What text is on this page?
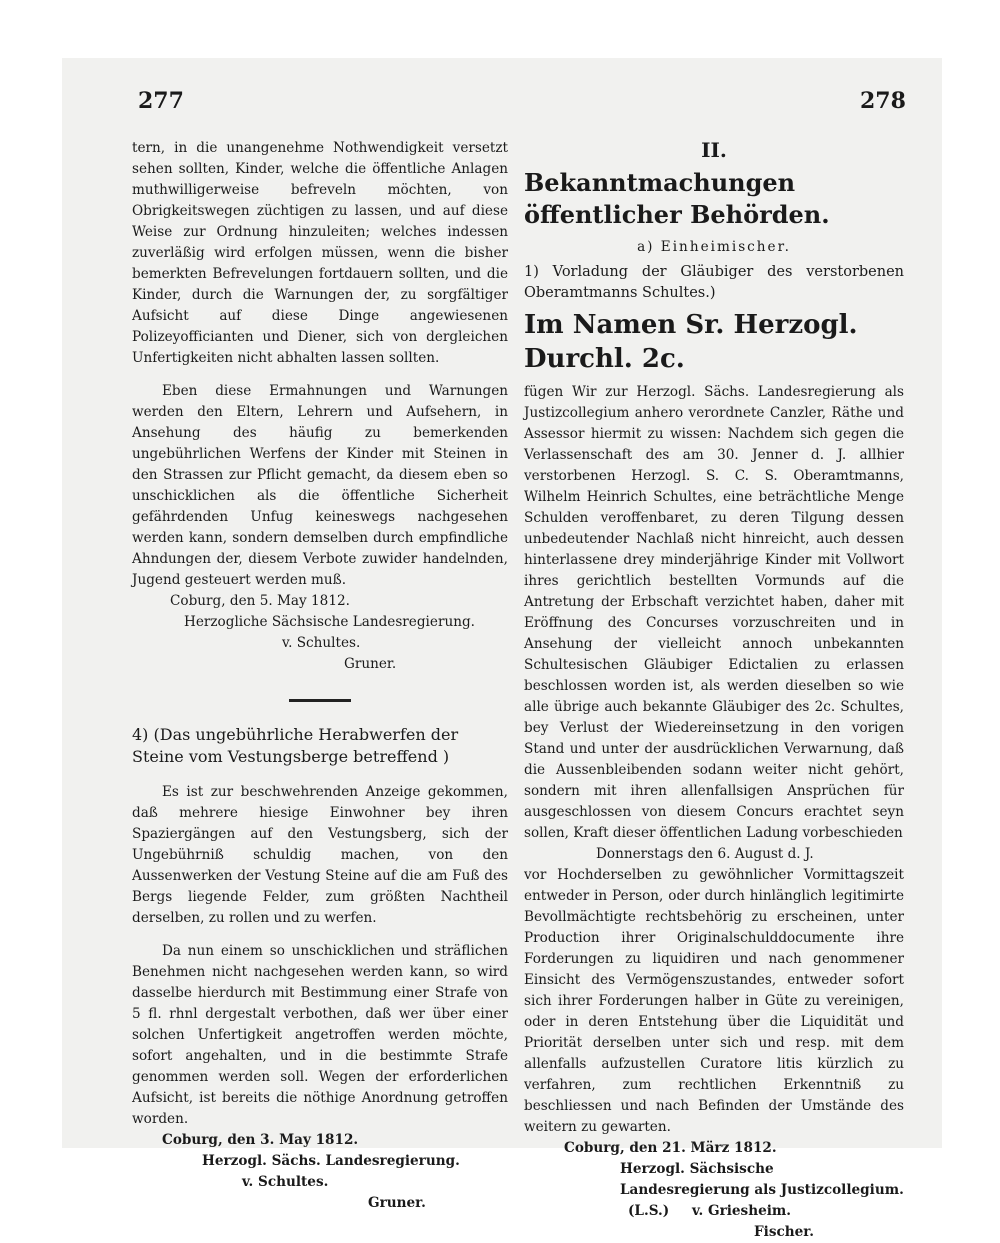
277	278

tern, in die unangenehme Nothwendigkeit versetzt sehen sollten, Kinder, welche die öffentliche Anlagen muthwilligerweise befreveln möchten, von Obrigkeitswegen züchtigen zu lassen, und auf diese Weise zur Ordnung hinzuleiten; welches indessen zuverläßig wird erfolgen müssen, wenn die bisher bemerkten Befrevelungen fortdauern sollten, und die Kinder, durch die Warnungen der, zu sorgfältiger Aufsicht auf diese Dinge angewiesenen Polizeyofficianten und Diener, sich von dergleichen Unfertigkeiten nicht abhalten lassen sollten.

Eben diese Ermahnungen und Warnungen werden den Eltern, Lehrern und Aufsehern, in Ansehung des häufig zu bemerkenden ungebührlichen Werfens der Kinder mit Steinen in den Strassen zur Pflicht gemacht, da diesem eben so unschicklichen als die öffentliche Sicherheit gefährdenden Unfug keineswegs nachgesehen werden kann, sondern demselben durch empfindliche Ahndungen der, diesem Verbote zuwider handelnden, Jugend gesteuert werden muß.

Coburg, den 5. May 1812.

Herzogliche Sächsische Landesregierung.

v. Schultes.

Gruner.

4) (Das ungebührliche Herabwerfen der Steine vom Vestungsberge betreffend )

Es ist zur beschwehrenden Anzeige gekommen, daß mehrere hiesige Einwohner bey ihren Spaziergängen auf den Vestungsberg, sich der Ungebührniß schuldig machen, von den Aussenwerken der Vestung Steine auf die am Fuß des Bergs liegende Felder, zum größten Nachtheil derselben, zu rollen und zu werfen.

Da nun einem so unschicklichen und sträflichen Benehmen nicht nachgesehen werden kann, so wird dasselbe hierdurch mit Bestimmung einer Strafe von 5 fl. rhnl dergestalt verbothen, daß wer über einer solchen Unfertigkeit angetroffen werden möchte, sofort angehalten, und in die bestimmte Strafe genommen werden soll. Wegen der erforderlichen Aufsicht, ist bereits die nöthige Anordnung getroffen worden.

Coburg, den 3. May 1812.

Herzogl. Sächs. Landesregierung.

v. Schultes.

Gruner.

II.

Bekanntmachungen öffentlicher Behörden.

a) Einheimischer.

1) Vorladung der Gläubiger des verstorbenen Oberamtmanns Schultes.)

Im Namen Sr. Herzogl. Durchl. 2c.

fügen Wir zur Herzogl. Sächs. Landesregierung als Justizcollegium anhero verordnete Canzler, Räthe und Assessor hiermit zu wissen: Nachdem sich gegen die Verlassenschaft des am 30. Jenner d. J. allhier verstorbenen Herzogl. S. C. S. Oberamtmanns, Wilhelm Heinrich Schultes, eine beträchtliche Menge Schulden veroffenbaret, zu deren Tilgung dessen unbedeutender Nachlaß nicht hinreicht, auch dessen hinterlassene drey minderjährige Kinder mit Vollwort ihres gerichtlich bestellten Vormunds auf die Antretung der Erbschaft verzichtet haben, daher mit Eröffnung des Concurses vorzuschreiten und in Ansehung der vielleicht annoch unbekannten Schultesischen Gläubiger Edictalien zu erlassen beschlossen worden ist, als werden dieselben so wie alle übrige auch bekannte Gläubiger des 2c. Schultes, bey Verlust der Wiedereinsetzung in den vorigen Stand und unter der ausdrücklichen Verwarnung, daß die Aussenbleibenden sodann weiter nicht gehört, sondern mit ihren allenfallsigen Ansprüchen für ausgeschlossen von diesem Concurs erachtet seyn sollen, Kraft dieser öffentlichen Ladung vorbeschieden

Donnerstags den 6. August d. J.

vor Hochderselben zu gewöhnlicher Vormittagszeit entweder in Person, oder durch hinlänglich legitimirte Bevollmächtigte rechtsbehörig zu erscheinen, unter Production ihrer Originalschulddocumente ihre Forderungen zu liquidiren und nach genommener Einsicht des Vermögenszustandes, entweder sofort sich ihrer Forderungen halber in Güte zu vereinigen, oder in deren Entstehung über die Liquidität und Priorität derselben unter sich und resp. mit dem allenfalls aufzustellen Curatore litis kürzlich zu verfahren, zum rechtlichen Erkenntniß zu beschliessen und nach Befinden der Umstände des weitern zu gewarten.

Coburg, den 21. März 1812.

Herzogl. Sächsische Landesregierung als Justizcollegium.

(L.S.) v. Griesheim.

Fischer.
